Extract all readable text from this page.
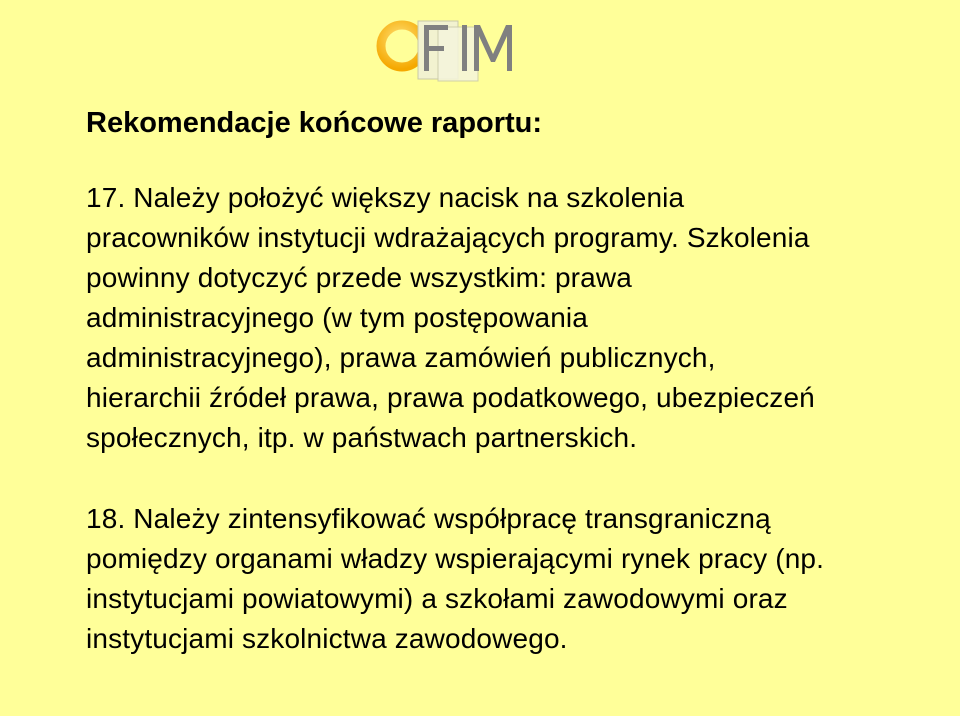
Rekomendacje końcowe raportu:

17. Należy położyć większy nacisk na szkolenia
pracowników instytucji wdrażających programy. Szkolenia
powinny dotyczyć przede wszystkim: prawa
administracyjnego (w tym postępowania
administracyjnego), prawa zamówień publicznych,
hierarchii źródeł prawa, prawa podatkowego, ubezpieczeń
społecznych, itp. w państwach partnerskich.

18. Należy zintensyfikować współpracę transgraniczną
pomiędzy organami władzy wspierającymi rynek pracy (np.
instytucjami powiatowymi) a szkołami zawodowymi oraz
instytucjami szkolnictwa zawodowego.
